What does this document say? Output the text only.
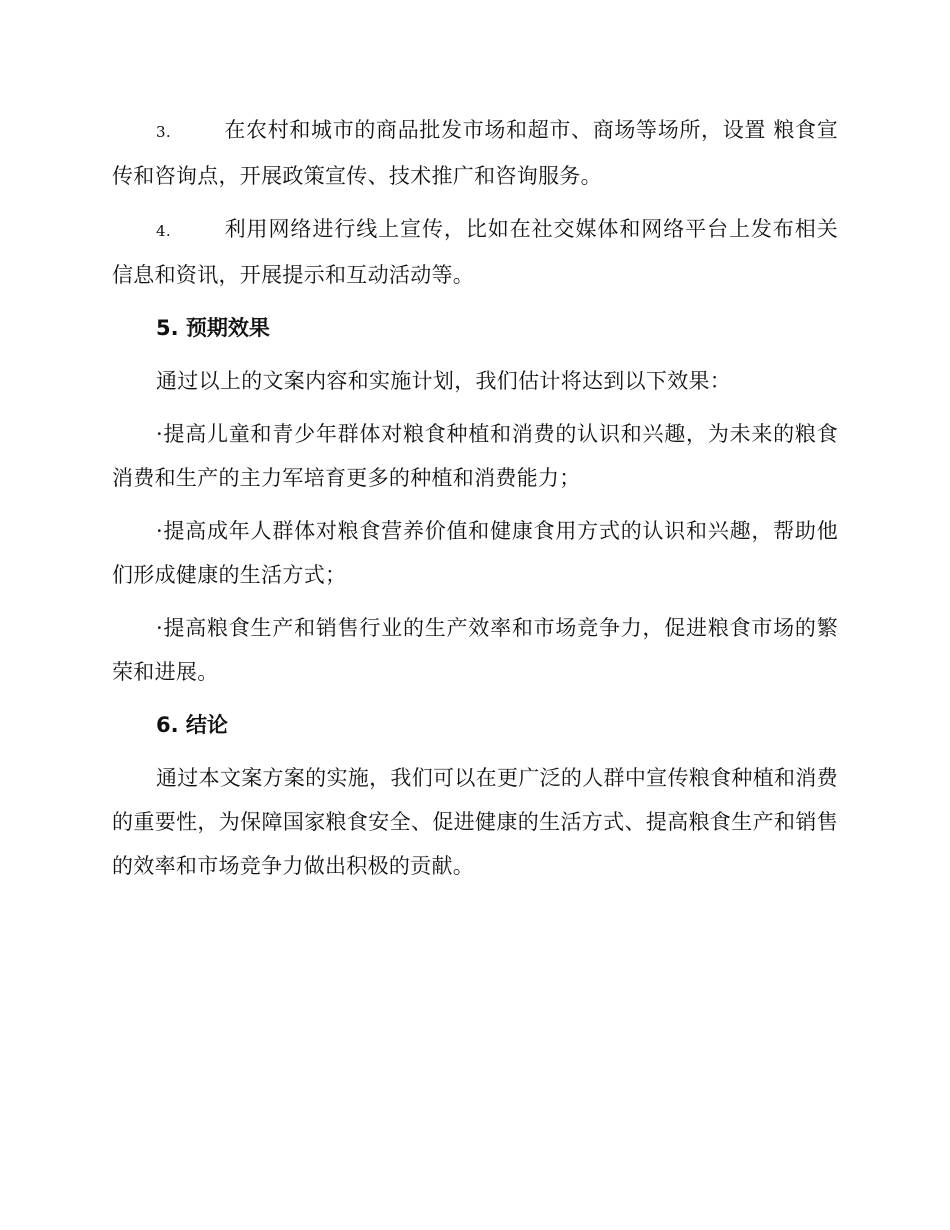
3.	在农村和城市的商品批发市场和超市、商场等场所，设置 粮食宣传和咨询点，开展政策宣传、技术推广和咨询服务。

4.	利用网络进行线上宣传，比如在社交媒体和网络平台上发布相关信息和资讯，开展提示和互动活动等。

5. 预期效果

通过以上的文案内容和实施计划，我们估计将达到以下效果：

·提高儿童和青少年群体对粮食种植和消费的认识和兴趣，为未来的粮食消费和生产的主力军培育更多的种植和消费能力；

·提高成年人群体对粮食营养价值和健康食用方式的认识和兴趣，帮助他们形成健康的生活方式；

·提高粮食生产和销售行业的生产效率和市场竞争力，促进粮食市场的繁荣和进展。

6. 结论

通过本文案方案的实施，我们可以在更广泛的人群中宣传粮食种植和消费的重要性，为保障国家粮食安全、促进健康的生活方式、提高粮食生产和销售的效率和市场竞争力做出积极的贡献。
